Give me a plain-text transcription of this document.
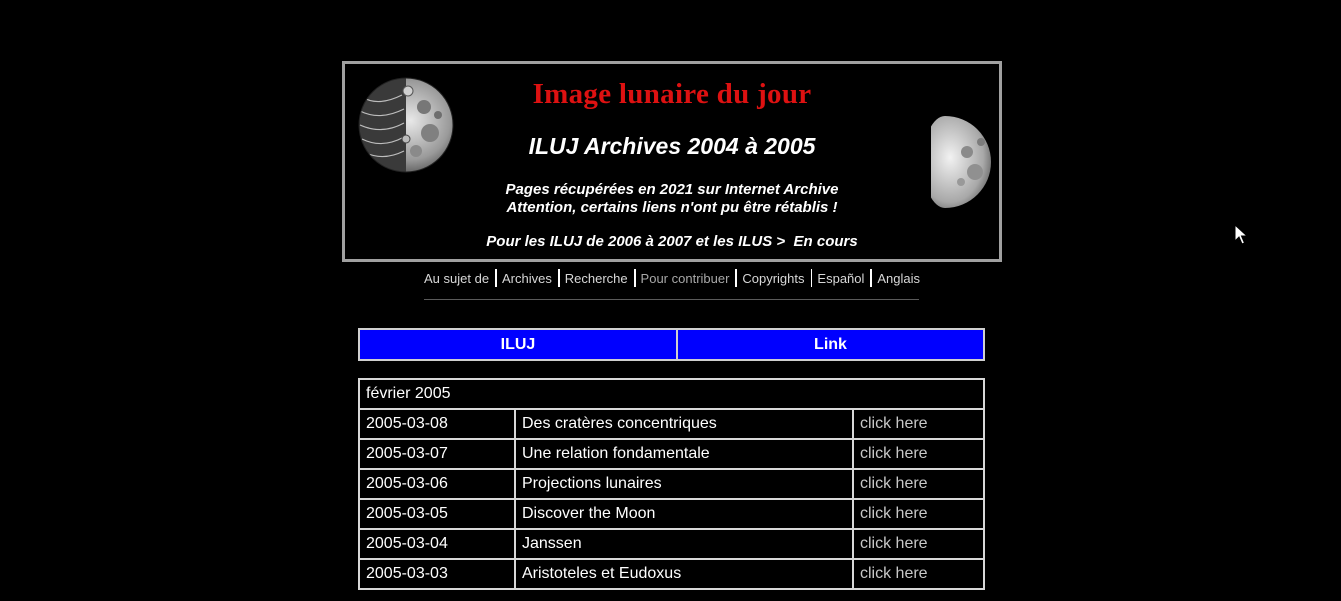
Image lunaire du jour
ILUJ Archives 2004 à 2005
Pages récupérées en 2021 sur Internet Archive
Attention, certains liens n'ont pu être rétablis !
Pour les ILUJ de 2006 à 2007 et les ILUS > En cours
Au sujet de Archives Recherche Pour contribuer Copyrights Español Anglais
ILUJ	Link
février 2005		
2005-03-08	Des cratères concentriques	click here
2005-03-07	Une relation fondamentale	click here
2005-03-06	Projections lunaires	click here
2005-03-05	Discover the Moon	click here
2005-03-04	Janssen	click here
2005-03-03	Aristoteles et Eudoxus	click here
